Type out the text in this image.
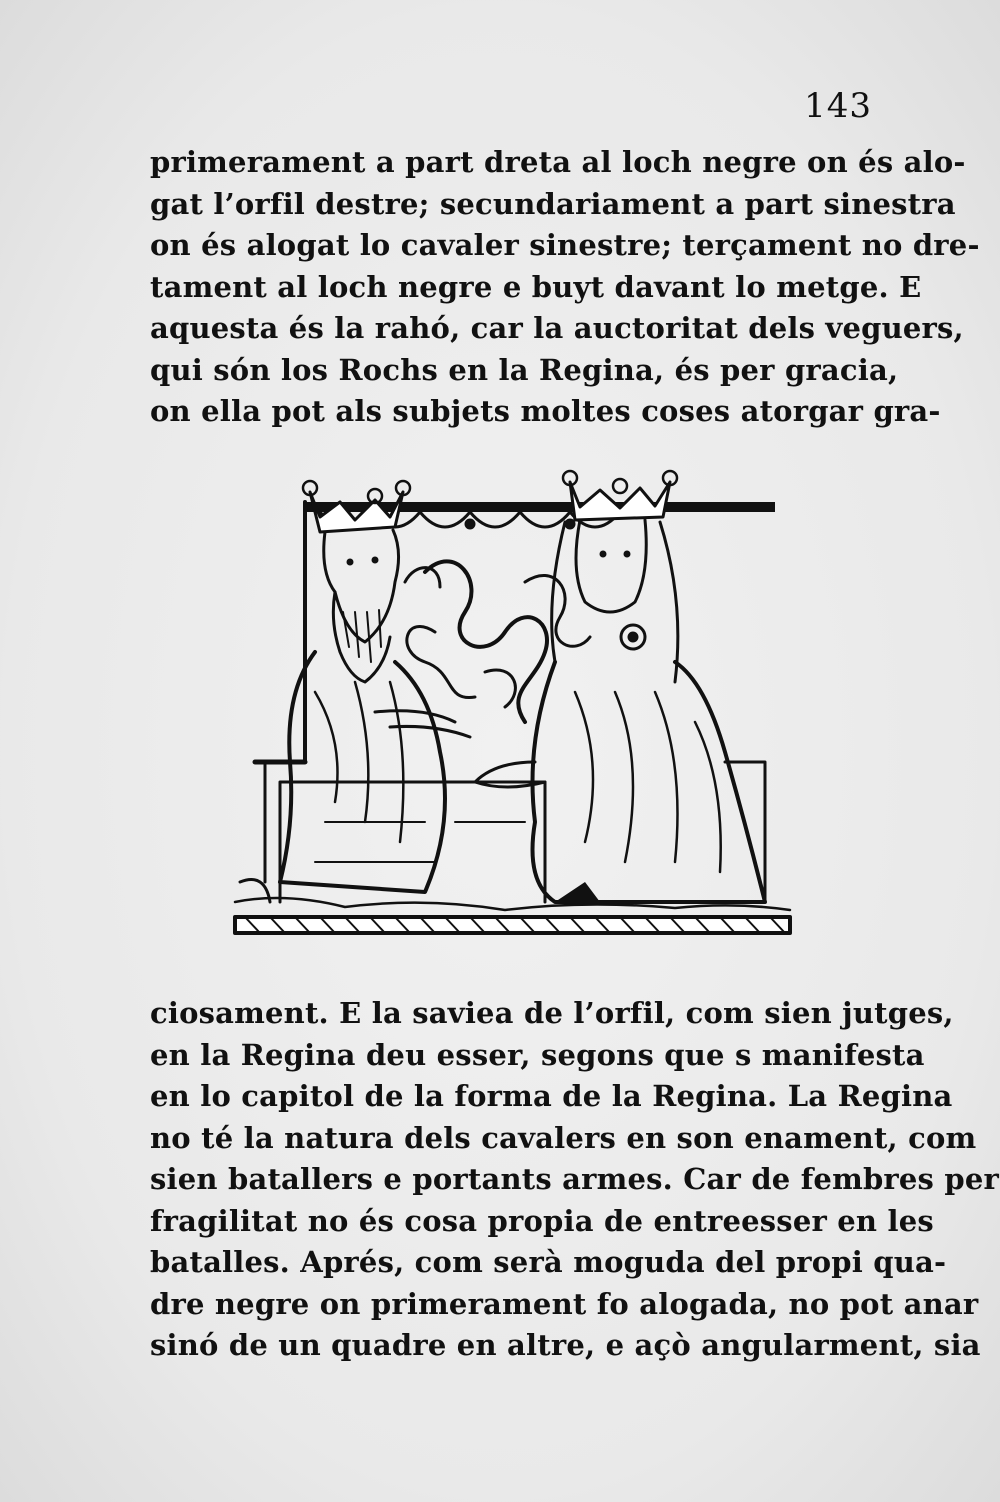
143
primerament a part dreta al loch negre on és alo-
gat l’orfil destre; secundariament a part sinestra
on és alogat lo cavaler sinestre; terçament no dre-
tament al loch negre e buyt davant lo metge. E
aquesta és la rahó, car la auctoritat dels veguers,
qui són los Rochs en la Regina, és per gracia,
on ella pot als subjets moltes coses atorgar gra-
ciosament. E la saviea de l’orfil, com sien jutges,
en la Regina deu esser, segons que s manifesta
en lo capitol de la forma de la Regina. La Regina
no té la natura dels cavalers en son enament, com
sien batallers e portants armes. Car de fembres per
fragilitat no és cosa propia de entreesser en les
batalles. Aprés, com serà moguda del propi qua-
dre negre on primerament fo alogada, no pot anar
sinó de un quadre en altre, e açò angularment, sia
